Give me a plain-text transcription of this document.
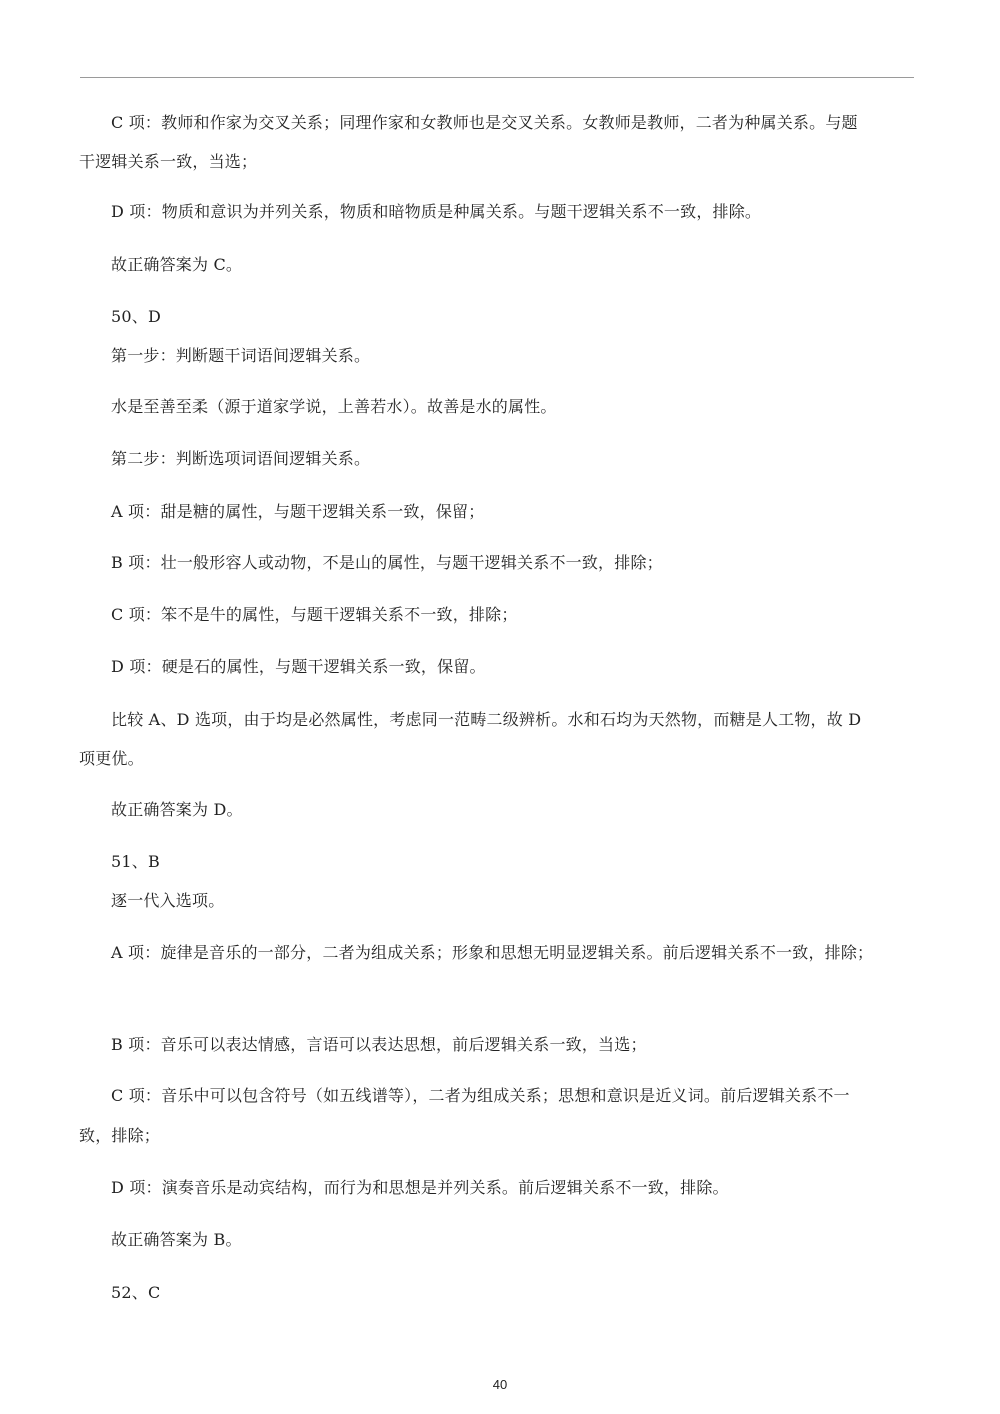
C 项：教师和作家为交叉关系；同理作家和女教师也是交叉关系。女教师是教师，二者为种属关系。与题
干逻辑关系一致，当选；
D 项：物质和意识为并列关系，物质和暗物质是种属关系。与题干逻辑关系不一致，排除。
故正确答案为 C。
50、D
第一步：判断题干词语间逻辑关系。
水是至善至柔（源于道家学说，上善若水）。故善是水的属性。
第二步：判断选项词语间逻辑关系。
A 项：甜是糖的属性，与题干逻辑关系一致，保留；
B 项：壮一般形容人或动物，不是山的属性，与题干逻辑关系不一致，排除；
C 项：笨不是牛的属性，与题干逻辑关系不一致，排除；
D 项：硬是石的属性，与题干逻辑关系一致，保留。
比较 A、D 选项，由于均是必然属性，考虑同一范畴二级辨析。水和石均为天然物，而糖是人工物，故 D
项更优。
故正确答案为 D。
51、B
逐一代入选项。
A 项：旋律是音乐的一部分，二者为组成关系；形象和思想无明显逻辑关系。前后逻辑关系不一致，排除；
B 项：音乐可以表达情感，言语可以表达思想，前后逻辑关系一致，当选；
C 项：音乐中可以包含符号（如五线谱等），二者为组成关系；思想和意识是近义词。前后逻辑关系不一
致，排除；
D 项：演奏音乐是动宾结构，而行为和思想是并列关系。前后逻辑关系不一致，排除。
故正确答案为 B。
52、C
40
